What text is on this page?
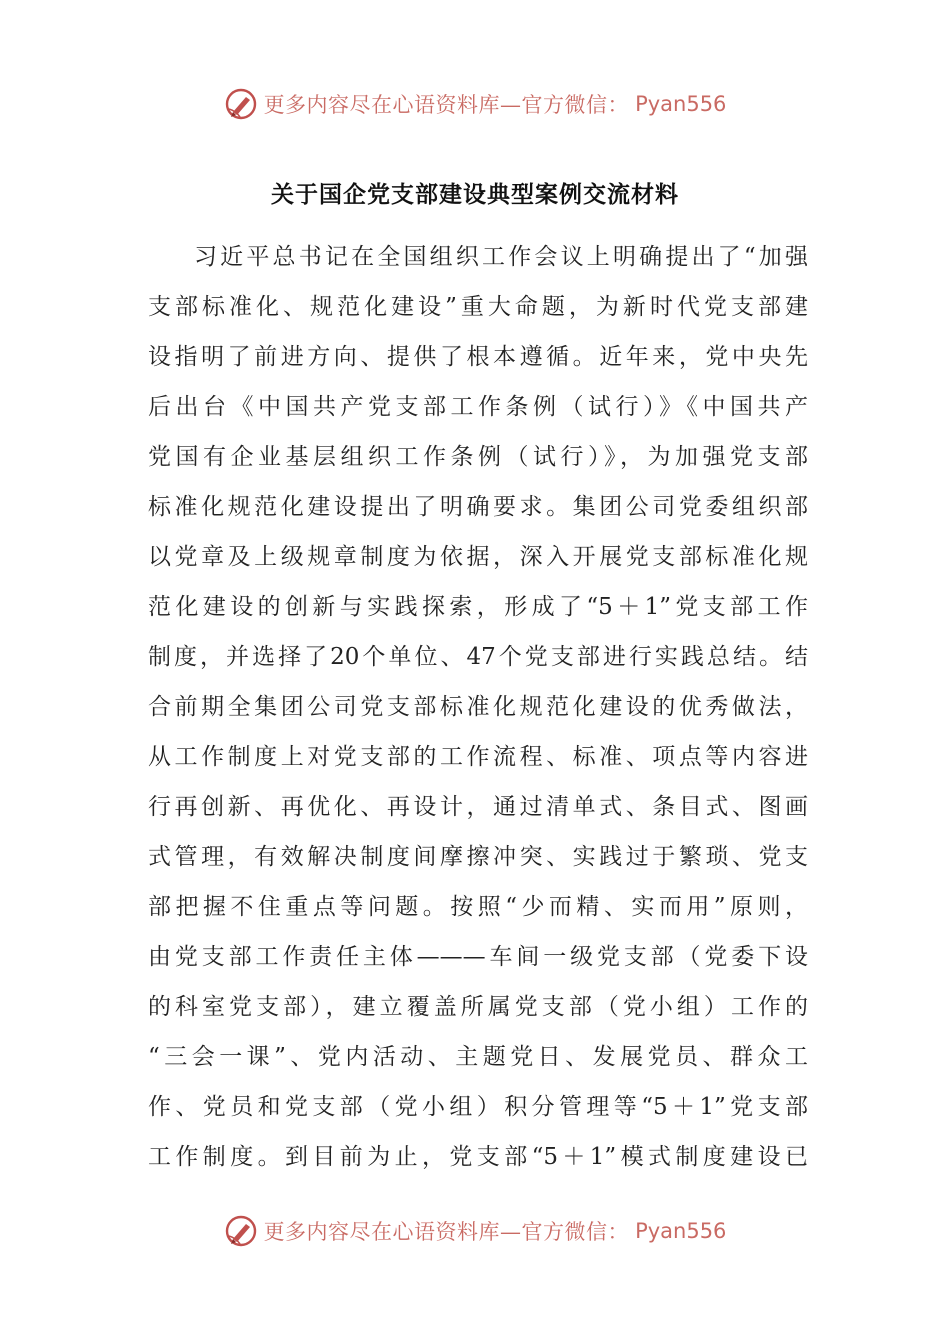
更多内容尽在心语资料库—官方微信： Pyan556
关于国企党支部建设典型案例交流材料
习近平总书记在全国组织工作会议上明确提出了“加强
支部标准化、规范化建设”重大命题，为新时代党支部建
设指明了前进方向、提供了根本遵循。近年来，党中央先
后出台《中国共产党支部工作条例（试行）》《中国共产
党国有企业基层组织工作条例（试行）》，为加强党支部
标准化规范化建设提出了明确要求。集团公司党委组织部
以党章及上级规章制度为依据，深入开展党支部标准化规
范化建设的创新与实践探索，形成了“5＋1”党支部工作
制度，并选择了20个单位、47个党支部进行实践总结。结
合前期全集团公司党支部标准化规范化建设的优秀做法，
从工作制度上对党支部的工作流程、标准、项点等内容进
行再创新、再优化、再设计，通过清单式、条目式、图画
式管理，有效解决制度间摩擦冲突、实践过于繁琐、党支
部把握不住重点等问题。按照“少而精、实而用”原则，
由党支部工作责任主体———车间一级党支部（党委下设
的科室党支部），建立覆盖所属党支部（党小组）工作的
“三会一课”、党内活动、主题党日、发展党员、群众工
作、党员和党支部（党小组）积分管理等“5＋1”党支部
工作制度。到目前为止，党支部“5＋1”模式制度建设已
更多内容尽在心语资料库—官方微信： Pyan556
